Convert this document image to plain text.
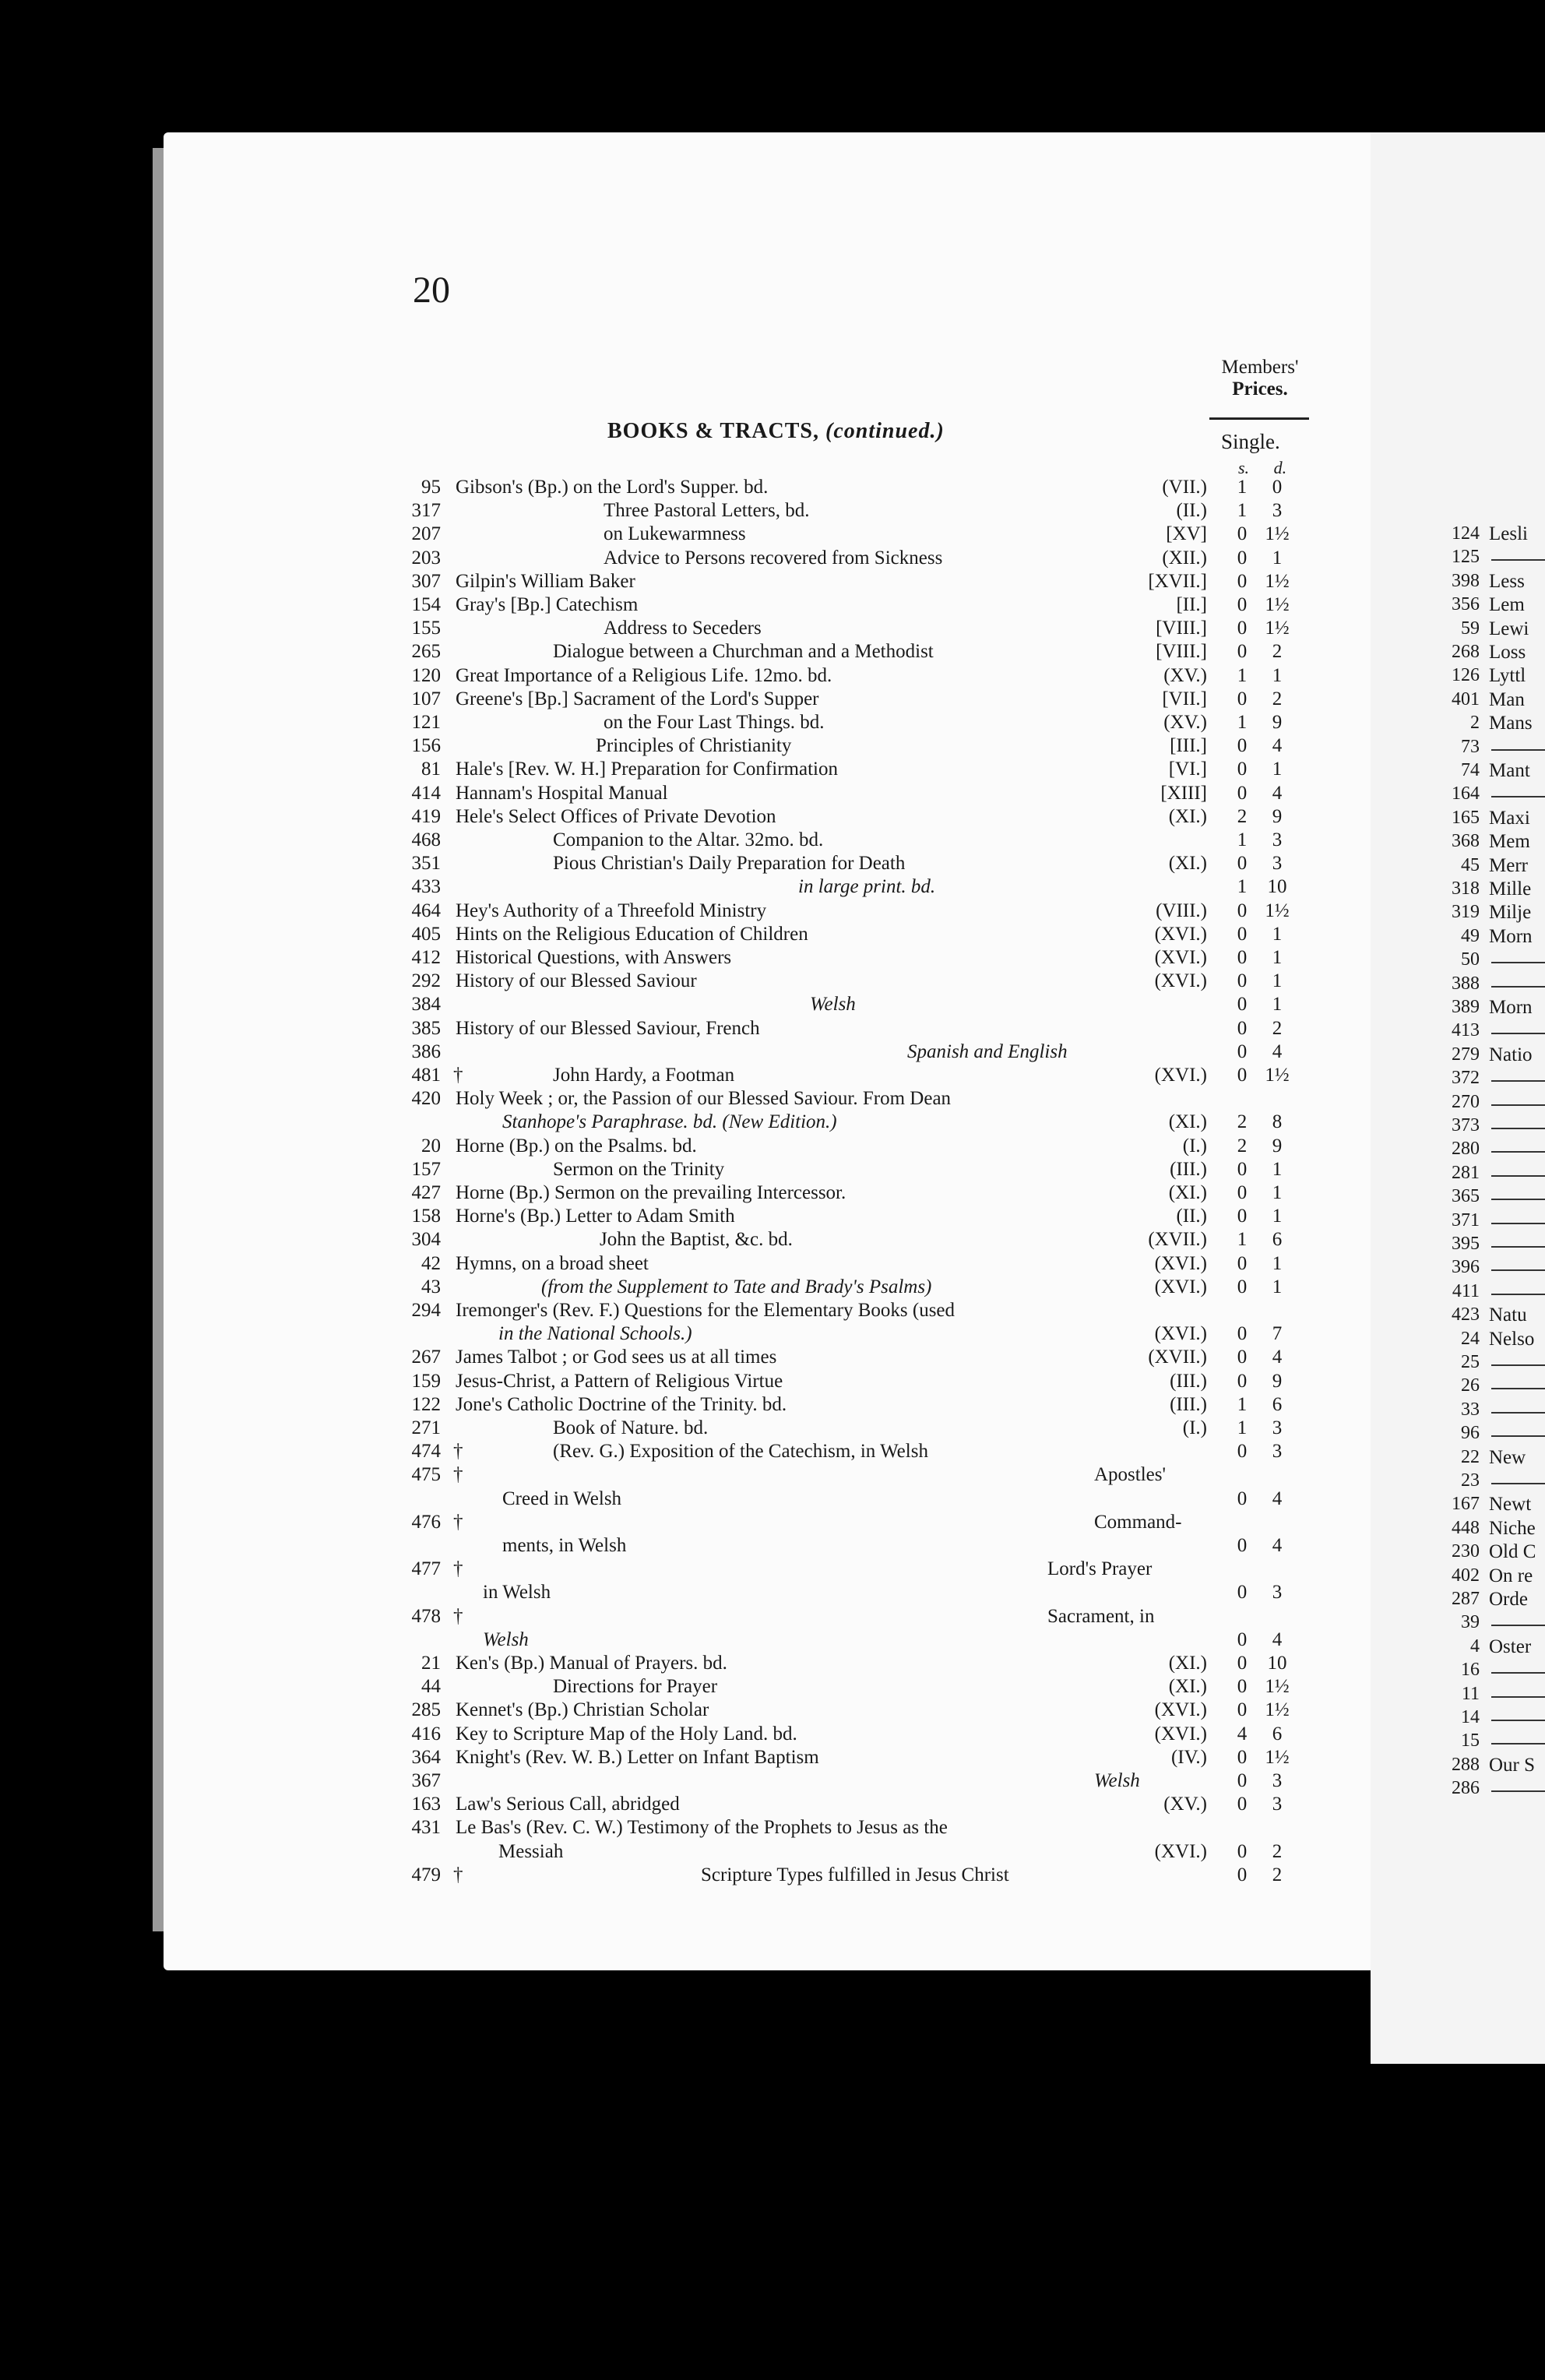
20
Members'
Prices.
BOOKS & TRACTS, (continued.)	Single.
s. d.
95 Gibson's (Bp.) on the Lord's Supper. bd.	(VII.)	1	0
317	Three Pastoral Letters, bd.	(II.)	1	3
207	on Lukewarmness	[XV]	0 1½
203	Advice to Persons recovered from Sickness	(XII.)	0	1
307 Gilpin's William Baker	[XVII.]	0 1½
154 Gray's [Bp.] Catechism	[II.]	0 1½
155	Address to Seceders	[VIII.]	0 1½
265	Dialogue between a Churchman and a Methodist	[VIII.]	0	2
120 Great Importance of a Religious Life. 12mo. bd.	(XV.)	1	1
107 Greene's [Bp.] Sacrament of the Lord's Supper	[VII.]	0	2
121	on the Four Last Things. bd.	(XV.)	1	9
156	Principles of Christianity	[III.]	0	4
81 Hale's [Rev. W. H.] Preparation for Confirmation	[VI.]	0	1
414 Hannam's Hospital Manual	[XIII]	0	4
419 Hele's Select Offices of Private Devotion	(XI.)	2	9
468	Companion to the Altar. 32mo. bd.	1	3
351	Pious Christian's Daily Preparation for Death	(XI.)	0	3
433	in large print. bd.	1	10
464 Hey's Authority of a Threefold Ministry	(VIII.)	0 1½
405 Hints on the Religious Education of Children	(XVI.)	0	1
412 Historical Questions, with Answers	(XVI.)	0	1
292 History of our Blessed Saviour	(XVI.)	0	1
384	Welsh	0	1
385 History of our Blessed Saviour, French	0	2
386	Spanish and English	0	4
481 †	John Hardy, a Footman	(XVI.)	0 1½
420 Holy Week ; or, the Passion of our Blessed Saviour. From Dean
Stanhope's Paraphrase. bd. (New Edition.)	(XI.)	2	8
20 Horne (Bp.) on the Psalms. bd.	(I.)	2	9
157	Sermon on the Trinity	(III.)	0	1
427 Horne (Bp.) Sermon on the prevailing Intercessor.	(XI.)	0	1
158 Horne's (Bp.) Letter to Adam Smith	(II.)	0	1
304	John the Baptist, &c. bd.	(XVII.)	1	6
42 Hymns, on a broad sheet	(XVI.)	0	1
43	(from the Supplement to Tate and Brady's Psalms)	(XVI.)	0	1
294 Iremonger's (Rev. F.) Questions for the Elementary Books (used
in the National Schools.)	(XVI.)	0	7
267 James Talbot ; or God sees us at all times	(XVII.)	0	4
159 Jesus-Christ, a Pattern of Religious Virtue	(III.)	0	9
122 Jone's Catholic Doctrine of the Trinity. bd.	(III.)	1	6
271	Book of Nature. bd.	(I.)	1	3
474 †	(Rev. G.) Exposition of the Catechism, in Welsh	0	3
475 †	Apostles'
Creed in Welsh	0	4
476 †	Command-
ments, in Welsh	0	4
477 †	Lord's Prayer
in Welsh	0	3
478 †	Sacrament, in
Welsh	0	4
21 Ken's (Bp.) Manual of Prayers. bd.	(XI.)	0	10
44	Directions for Prayer	(XI.)	0 1½
285 Kennet's (Bp.) Christian Scholar	(XVI.)	0 1½
416 Key to Scripture Map of the Holy Land. bd.	(XVI.)	4	6
364 Knight's (Rev. W. B.) Letter on Infant Baptism	(IV.)	0 1½
367	Welsh	0	3
163 Law's Serious Call, abridged	(XV.)	0	3
431 Le Bas's (Rev. C. W.) Testimony of the Prophets to Jesus as the
Messiah	(XVI.)	0	2
479 †	Scripture Types fulfilled in Jesus Christ	0	2
124 Lesli
125
398 Less
356 Lem
59 Lewi
268 Loss
126 Lyttl
401 Man
2 Mans
73
74 Mant
164
165 Maxi
368 Mem
45 Merr
318 Mille
319 Milje
49 Morn
50
388
389 Morn
413
279 Natio
372
270
373
280
281
365
371
395
396
411
423 Natu
24 Nelso
25
26
33
96
22 New
23
167 Newt
448 Niche
230 Old C
402 On re
287 Orde
39
4 Oster
16
11
14
15
288 Our S
286
